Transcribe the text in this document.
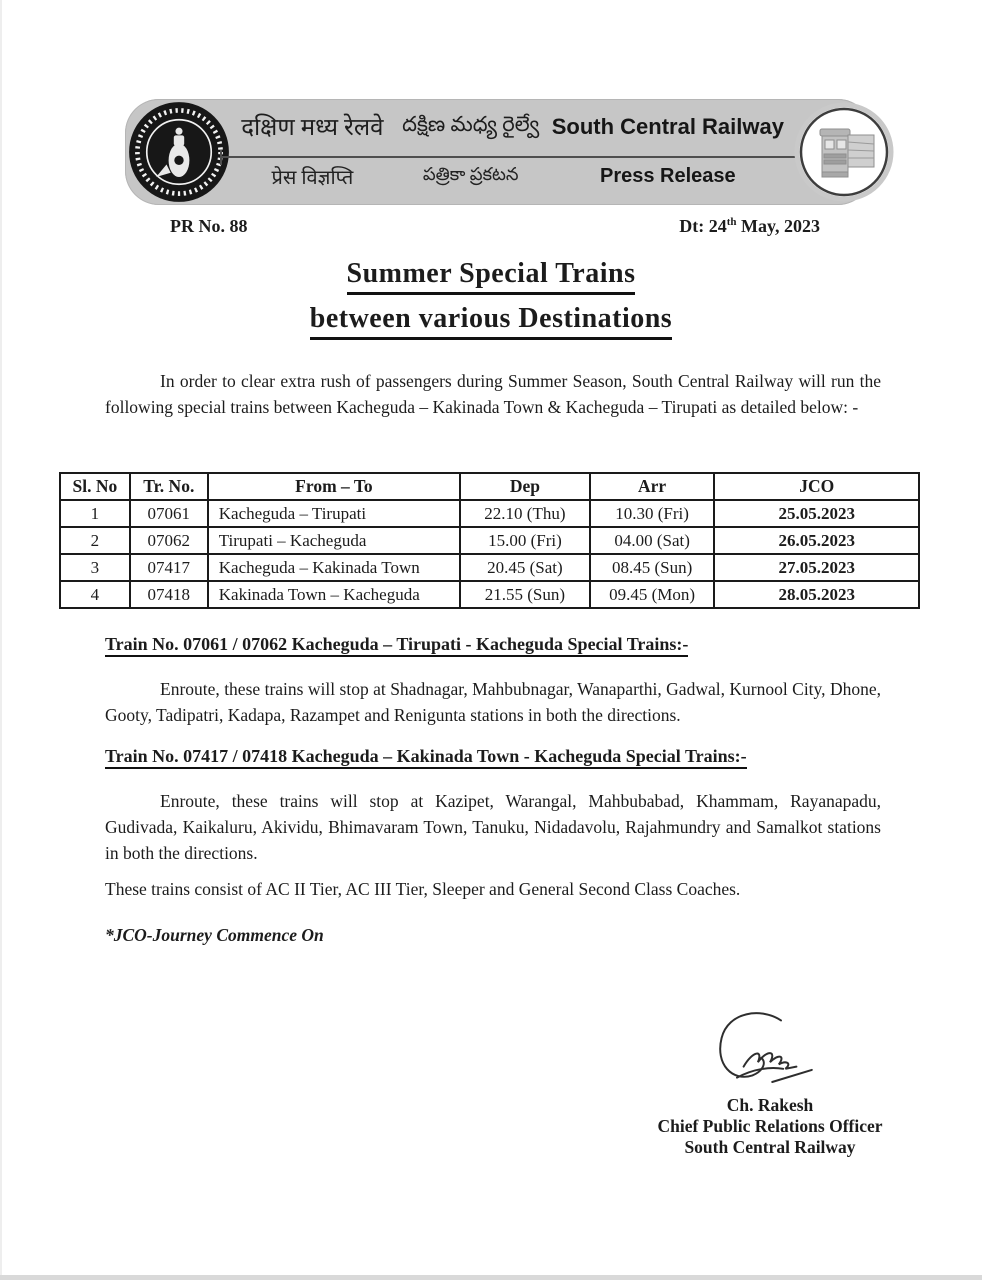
दक्षिण मध्य रेलवे దక్షిణ మధ్య రైల్వే South Central Railway
प्रेस विज्ञप्ति	పత్రికా ప్రకటన	Press Release
PR No. 88	Dt: 24th May, 2023
Summer Special Trains
between various Destinations
In order to clear extra rush of passengers during Summer Season, South Central Railway will run the following special trains between Kacheguda – Kakinada Town & Kacheguda – Tirupati as detailed below: -
Sl. No	Tr. No.	From – To	Dep	Arr	JCO
1	07061	Kacheguda – Tirupati	22.10 (Thu)	10.30 (Fri)	25.05.2023
2	07062	Tirupati – Kacheguda	15.00 (Fri)	04.00 (Sat)	26.05.2023
3	07417	Kacheguda – Kakinada Town	20.45 (Sat)	08.45 (Sun)	27.05.2023
4	07418	Kakinada Town – Kacheguda	21.55 (Sun)	09.45 (Mon)	28.05.2023
Train No. 07061 / 07062 Kacheguda – Tirupati - Kacheguda Special Trains:-
Enroute, these trains will stop at Shadnagar, Mahbubnagar, Wanaparthi, Gadwal, Kurnool City, Dhone, Gooty, Tadipatri, Kadapa, Razampet and Renigunta stations in both the directions.
Train No. 07417 / 07418 Kacheguda – Kakinada Town - Kacheguda Special Trains:-
Enroute, these trains will stop at Kazipet, Warangal, Mahbubabad, Khammam, Rayanapadu, Gudivada, Kaikaluru, Akividu, Bhimavaram Town, Tanuku, Nidadavolu, Rajahmundry and Samalkot stations in both the directions.
These trains consist of AC II Tier, AC III Tier, Sleeper and General Second Class Coaches.
*JCO-Journey Commence On
Ch. Rakesh
Chief Public Relations Officer
South Central Railway
